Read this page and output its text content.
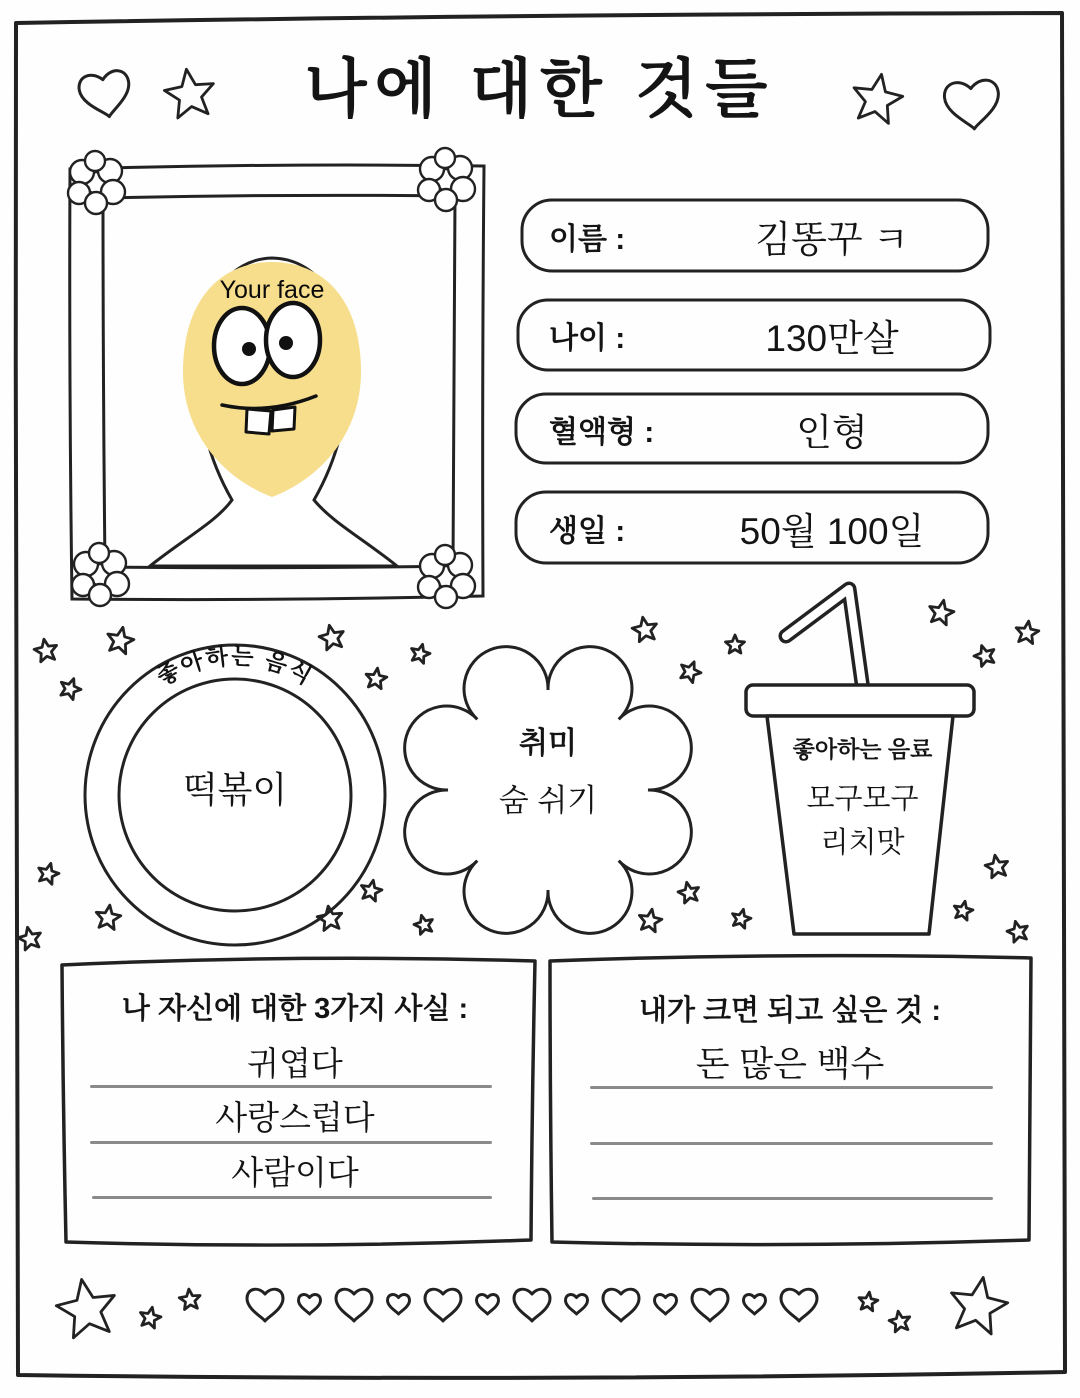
좋아하는 음식
나에 대한 것들
Your face
이름 :	김똥꾸 ㅋ
나이 :	130만살
혈액형 :	인형
생일 :	50월 100일
떡볶이
취미
숨 쉬기
좋아하는 음료
모구모구
리치맛
나 자신에 대한 3가지 사실 :
귀엽다
사랑스럽다
사람이다
내가 크면 되고 싶은 것 :
돈 많은 백수
